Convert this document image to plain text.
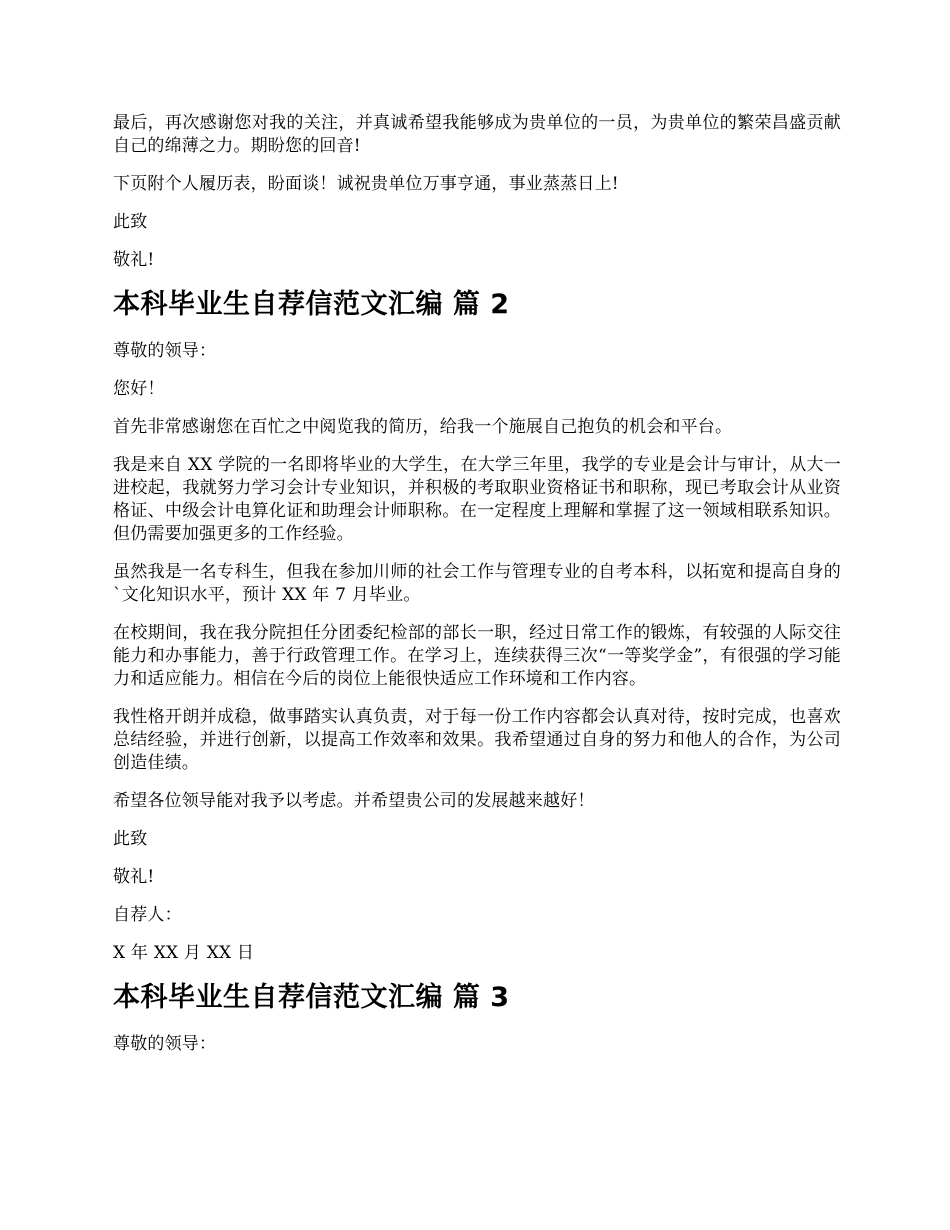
最后，再次感谢您对我的关注，并真诚希望我能够成为贵单位的一员，为贵单位的繁荣昌盛贡献自己的绵薄之力。期盼您的回音!

下页附个人履历表，盼面谈！诚祝贵单位万事亨通，事业蒸蒸日上!

此致

敬礼!

本科毕业生自荐信范文汇编 篇 2

尊敬的领导：

您好！

首先非常感谢您在百忙之中阅览我的简历，给我一个施展自己抱负的机会和平台。

我是来自 XX 学院的一名即将毕业的大学生，在大学三年里，我学的专业是会计与审计，从大一进校起，我就努力学习会计专业知识，并积极的考取职业资格证书和职称，现已考取会计从业资格证、中级会计电算化证和助理会计师职称。在一定程度上理解和掌握了这一领域相联系知识。但仍需要加强更多的工作经验。

虽然我是一名专科生，但我在参加川师的社会工作与管理专业的自考本科，以拓宽和提高自身的`文化知识水平，预计 XX 年 7 月毕业。

在校期间，我在我分院担任分团委纪检部的部长一职，经过日常工作的锻炼，有较强的人际交往能力和办事能力，善于行政管理工作。在学习上，连续获得三次“一等奖学金”，有很强的学习能力和适应能力。相信在今后的岗位上能很快适应工作环境和工作内容。

我性格开朗并成稳，做事踏实认真负责，对于每一份工作内容都会认真对待，按时完成，也喜欢总结经验，并进行创新，以提高工作效率和效果。我希望通过自身的努力和他人的合作，为公司创造佳绩。

希望各位领导能对我予以考虑。并希望贵公司的发展越来越好！

此致

敬礼!

自荐人：

X 年 XX 月 XX 日

本科毕业生自荐信范文汇编 篇 3

尊敬的领导：
